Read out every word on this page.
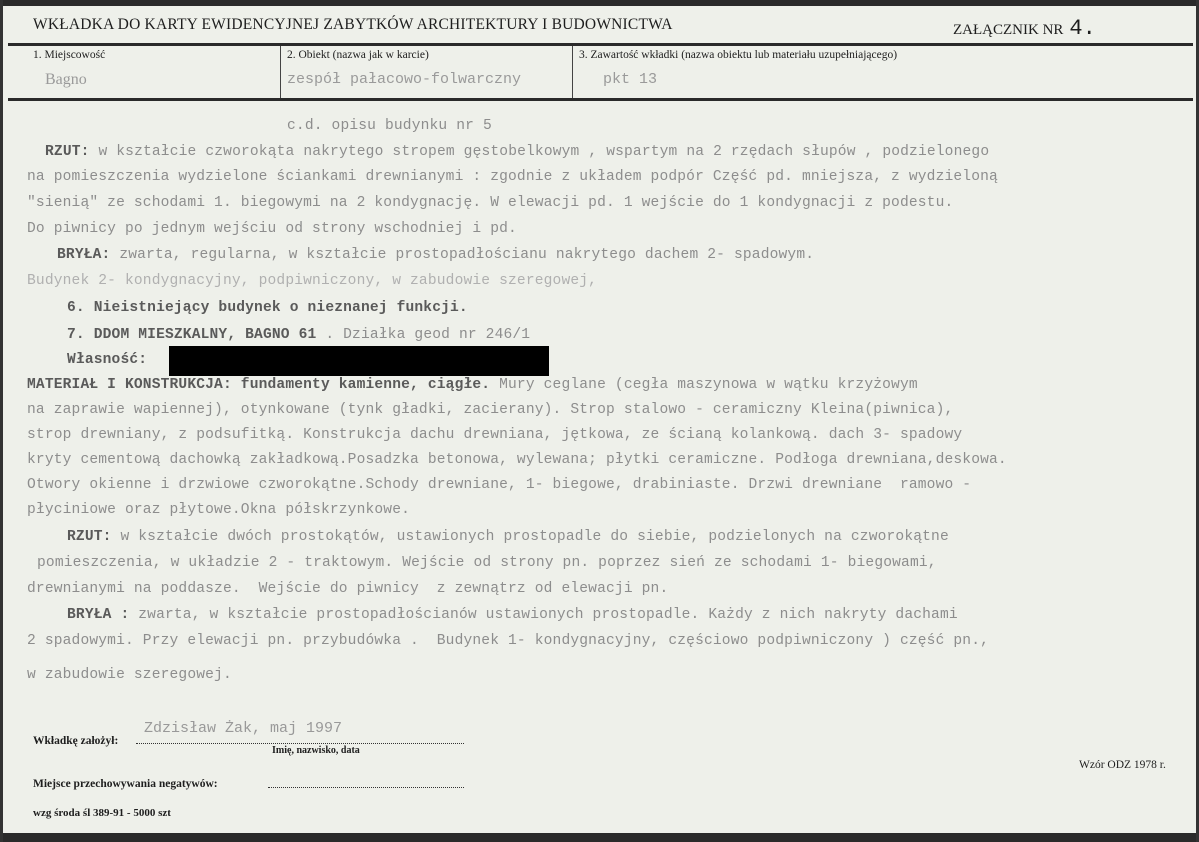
WKŁADKA DO KARTY EWIDENCYJNEJ ZABYTKÓW ARCHITEKTURY I BUDOWNICTWA	ZAŁĄCZNIK NR 4.
1. Miejscowość
Bagno
2. Obiekt (nazwa jak w karcie)
zespół pałacowo-folwarczny
3. Zawartość wkładki (nazwa obiektu lub materiału uzupełniającego)
pkt 13
c.d. opisu budynku nr 5
RZUT: w kształcie czworokąta nakrytego stropem gęstobelkowym , wspartym na 2 rzędach słupów , podzielonego
na pomieszczenia wydzielone ściankami drewnianymi : zgodnie z układem podpór Część pd. mniejsza, z wydzieloną
"sienią" ze schodami 1. biegowymi na 2 kondygnację. W elewacji pd. 1 wejście do 1 kondygnacji z podestu.
Do piwnicy po jednym wejściu od strony wschodniej i pd.
BRYŁA: zwarta, regularna, w kształcie prostopadłościanu nakrytego dachem 2- spadowym.
Budynek 2- kondygnacyjny, podpiwniczony, w zabudowie szeregowej,
6. Nieistniejący budynek o nieznanej funkcji.
7. DDOM MIESZKALNY, BAGNO 61 . Działka geod nr 246/1
Własność:
MATERIAŁ I KONSTRUKCJA: fundamenty kamienne, ciągłe. Mury ceglane (cegła maszynowa w wątku krzyżowym
na zaprawie wapiennej), otynkowane (tynk gładki, zacierany). Strop stalowo - ceramiczny Kleina(piwnica),
strop drewniany, z podsufitką. Konstrukcja dachu drewniana, jętkowa, ze ścianą kolankową. dach 3- spadowy
kryty cementową dachowką zakładkową.Posadzka betonowa, wylewana; płytki ceramiczne. Podłoga drewniana,deskowa.
Otwory okienne i drzwiowe czworokątne.Schody drewniane, 1- biegowe, drabiniaste. Drzwi drewniane  ramowo -
płyciniowe oraz płytowe.Okna półskrzynkowe.
RZUT: w kształcie dwóch prostokątów, ustawionych prostopadle do siebie, podzielonych na czworokątne
pomieszczenia, w układzie 2 - traktowym. Wejście od strony pn. poprzez sień ze schodami 1- biegowami,
drewnianymi na poddasze.  Wejście do piwnicy  z zewnątrz od elewacji pn.
BRYŁA : zwarta, w kształcie prostopadłościanów ustawionych prostopadle. Każdy z nich nakryty dachami
2 spadowymi. Przy elewacji pn. przybudówka .  Budynek 1- kondygnacyjny, częściowo podpiwniczony ) część pn.,
w zabudowie szeregowej.
Wkładkę założył:
Zdzisław Żak, maj 1997
Imię, nazwisko, data
Miejsce przechowywania negatywów:
wzg środa śl 389-91 - 5000 szt
Wzór ODZ 1978 r.
